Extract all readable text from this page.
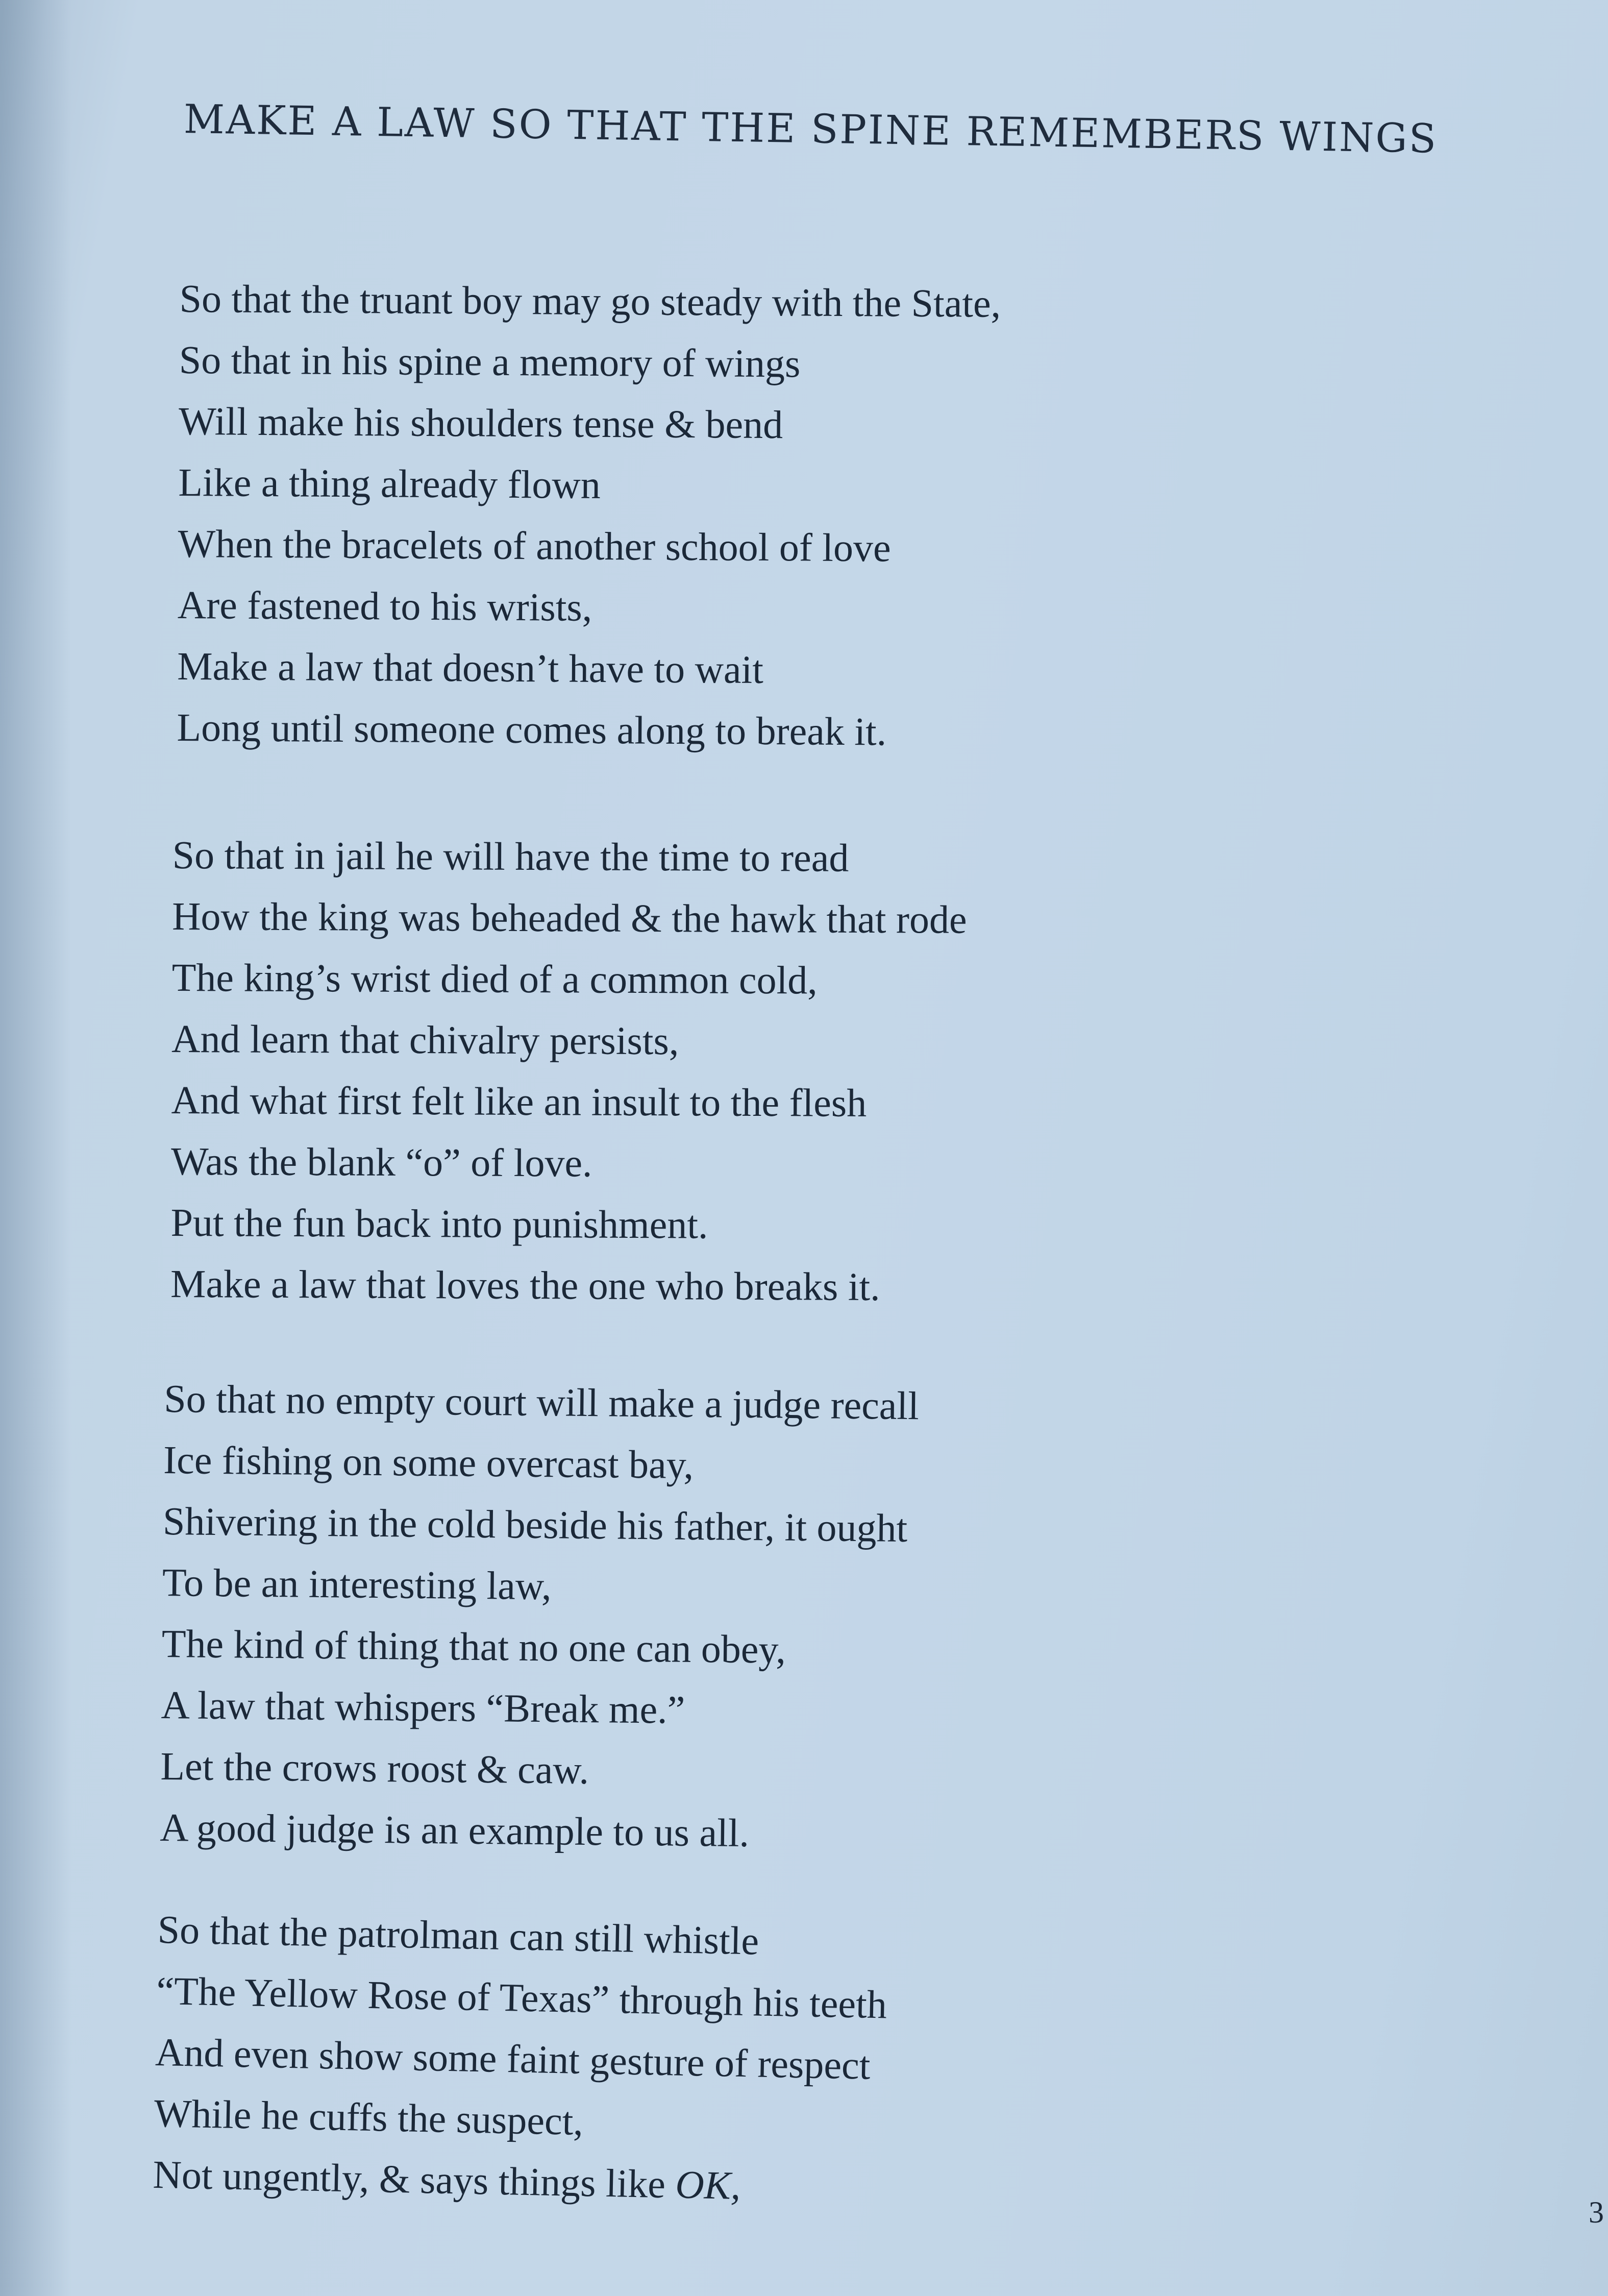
MAKE A LAW SO THAT THE SPINE REMEMBERS WINGS
So that the truant boy may go steady with the State,
So that in his spine a memory of wings
Will make his shoulders tense & bend
Like a thing already flown
When the bracelets of another school of love
Are fastened to his wrists,
Make a law that doesn’t have to wait
Long until someone comes along to break it.
So that in jail he will have the time to read
How the king was beheaded & the hawk that rode
The king’s wrist died of a common cold,
And learn that chivalry persists,
And what first felt like an insult to the flesh
Was the blank “o” of love.
Put the fun back into punishment.
Make a law that loves the one who breaks it.
So that no empty court will make a judge recall
Ice fishing on some overcast bay,
Shivering in the cold beside his father, it ought
To be an interesting law,
The kind of thing that no one can obey,
A law that whispers “Break me.”
Let the crows roost & caw.
A good judge is an example to us all.
So that the patrolman can still whistle
“The Yellow Rose of Texas” through his teeth
And even show some faint gesture of respect
While he cuffs the suspect,
Not ungently, & says things like OK,
3
